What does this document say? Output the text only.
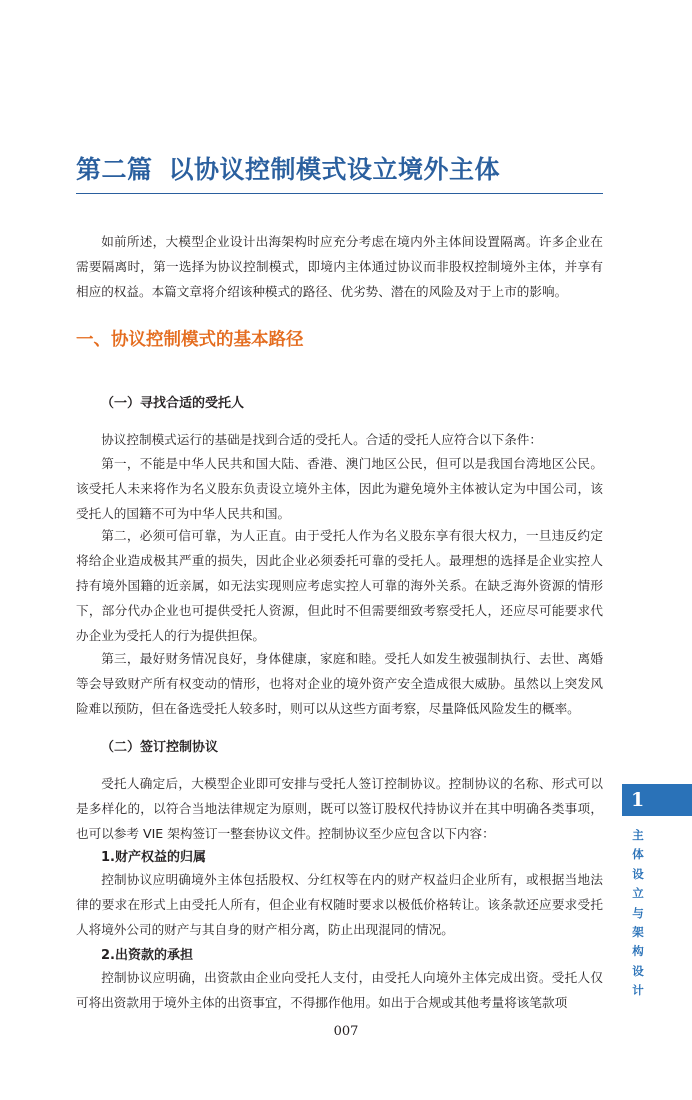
第二篇 以协议控制模式设立境外主体

如前所述，大模型企业设计出海架构时应充分考虑在境内外主体间设置隔离。许多企业在需要隔离时，第一选择为协议控制模式，即境内主体通过协议而非股权控制境外主体，并享有相应的权益。本篇文章将介绍该种模式的路径、优劣势、潜在的风险及对于上市的影响。

一、协议控制模式的基本路径
（一）寻找合适的受托人

协议控制模式运行的基础是找到合适的受托人。合适的受托人应符合以下条件：

第一，不能是中华人民共和国大陆、香港、澳门地区公民，但可以是我国台湾地区公民。该受托人未来将作为名义股东负责设立境外主体，因此为避免境外主体被认定为中国公司，该受托人的国籍不可为中华人民共和国。

第二，必须可信可靠，为人正直。由于受托人作为名义股东享有很大权力，一旦违反约定将给企业造成极其严重的损失，因此企业必须委托可靠的受托人。最理想的选择是企业实控人持有境外国籍的近亲属，如无法实现则应考虑实控人可靠的海外关系。在缺乏海外资源的情形下，部分代办企业也可提供受托人资源，但此时不但需要细致考察受托人，还应尽可能要求代办企业为受托人的行为提供担保。

第三，最好财务情况良好，身体健康，家庭和睦。受托人如发生被强制执行、去世、离婚等会导致财产所有权变动的情形，也将对企业的境外资产安全造成很大威胁。虽然以上突发风险难以预防，但在备选受托人较多时，则可以从这些方面考察，尽量降低风险发生的概率。

（二）签订控制协议

受托人确定后，大模型企业即可安排与受托人签订控制协议。控制协议的名称、形式可以是多样化的，以符合当地法律规定为原则，既可以签订股权代持协议并在其中明确各类事项，也可以参考 VIE 架构签订一整套协议文件。控制协议至少应包含以下内容：

1.财产权益的归属

控制协议应明确境外主体包括股权、分红权等在内的财产权益归企业所有，或根据当地法律的要求在形式上由受托人所有，但企业有权随时要求以极低价格转让。该条款还应要求受托人将境外公司的财产与其自身的财产相分离，防止出现混同的情况。

2.出资款的承担

控制协议应明确，出资款由企业向受托人支付，由受托人向境外主体完成出资。受托人仅可将出资款用于境外主体的出资事宜，不得挪作他用。如出于合规或其他考量将该笔款项

1
主体设立与架构设计
007
